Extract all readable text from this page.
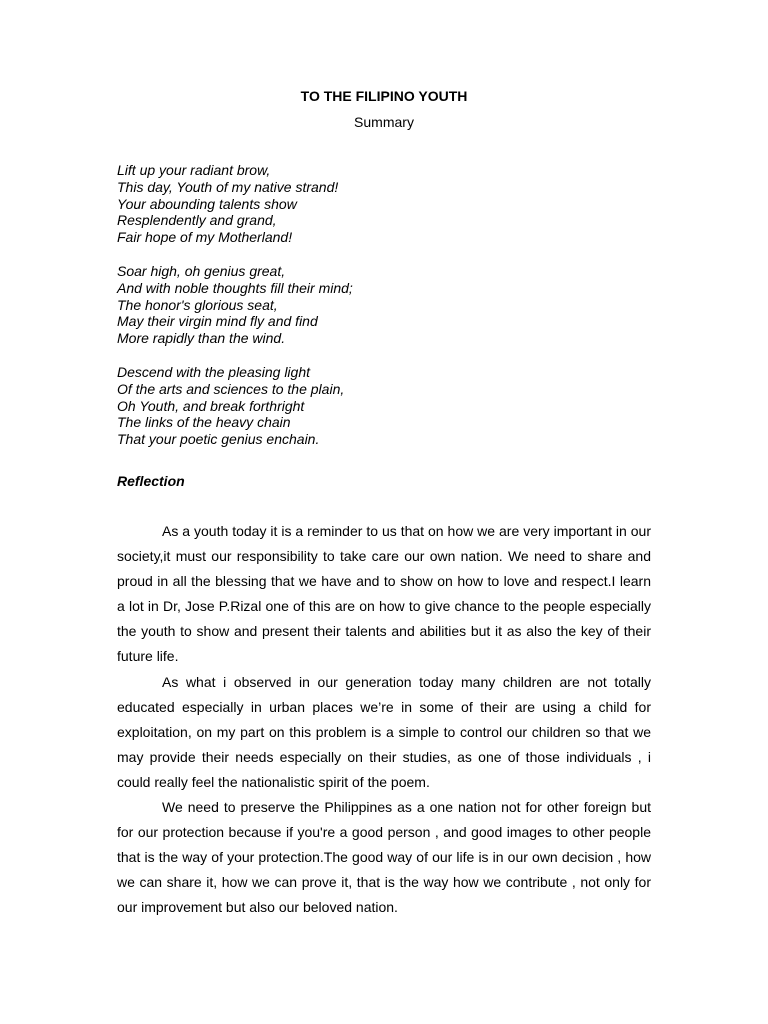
TO THE FILIPINO YOUTH
Summary
Lift up your radiant brow,
This day, Youth of my native strand!
Your abounding talents show
Resplendently and grand,
Fair hope of my Motherland!
Soar high, oh genius great,
And with noble thoughts fill their mind;
The honor's glorious seat,
May their virgin mind fly and find
More rapidly than the wind.
Descend with the pleasing light
Of the arts and sciences to the plain,
Oh Youth, and break forthright
The links of the heavy chain
That your poetic genius enchain.
Reflection

As a youth today it is a reminder to us that on how we are very important in our society,it must our responsibility to take care our own nation. We need to share and proud in all the blessing that we have and to show on how to love and respect.I learn a lot in Dr, Jose P.Rizal one of this are on how to give chance to the people especially the youth to show and present their talents and abilities but it as also the key of their future life.

As what i observed in our generation today many children are not totally educated especially in urban places we’re in some of their are using a child for exploitation, on my part on this problem is a simple to control our children so that we may provide their needs especially on their studies, as one of those individuals , i could really feel the nationalistic spirit of the poem.

We need to preserve the Philippines as a one nation not for other foreign but for our protection because if you're a good person , and good images to other people that is the way of your protection.The good way of our life is in our own decision , how we can share it, how we can prove it, that is the way how we contribute , not only for our improvement but also our beloved nation.
